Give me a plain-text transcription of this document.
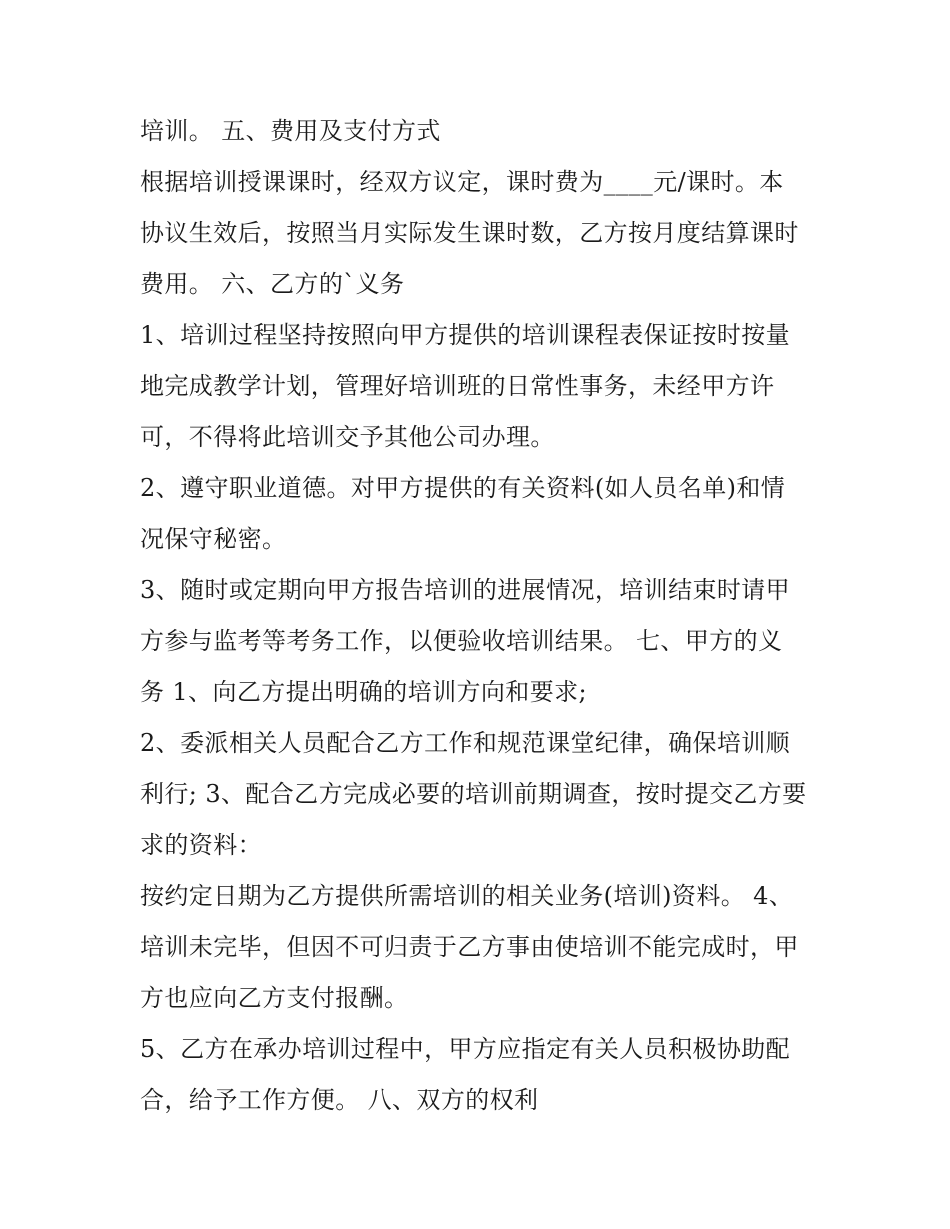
培训。 五、费用及支付方式

根据培训授课课时，经双方议定，课时费为____元/课时。本

协议生效后，按照当月实际发生课时数，乙方按月度结算课时

费用。 六、乙方的`义务

1、培训过程坚持按照向甲方提供的培训课程表保证按时按量

地完成教学计划，管理好培训班的日常性事务，未经甲方许

可，不得将此培训交予其他公司办理。

2、遵守职业道德。对甲方提供的有关资料(如人员名单)和情

况保守秘密。

3、随时或定期向甲方报告培训的进展情况，培训结束时请甲

方参与监考等考务工作，以便验收培训结果。 七、甲方的义

务 1、向乙方提出明确的培训方向和要求;

2、委派相关人员配合乙方工作和规范课堂纪律，确保培训顺

利行; 3、配合乙方完成必要的培训前期调查，按时提交乙方要

求的资料：

按约定日期为乙方提供所需培训的相关业务(培训)资料。 4、

培训未完毕，但因不可归责于乙方事由使培训不能完成时，甲

方也应向乙方支付报酬。

5、乙方在承办培训过程中，甲方应指定有关人员积极协助配

合，给予工作方便。 八、双方的权利
